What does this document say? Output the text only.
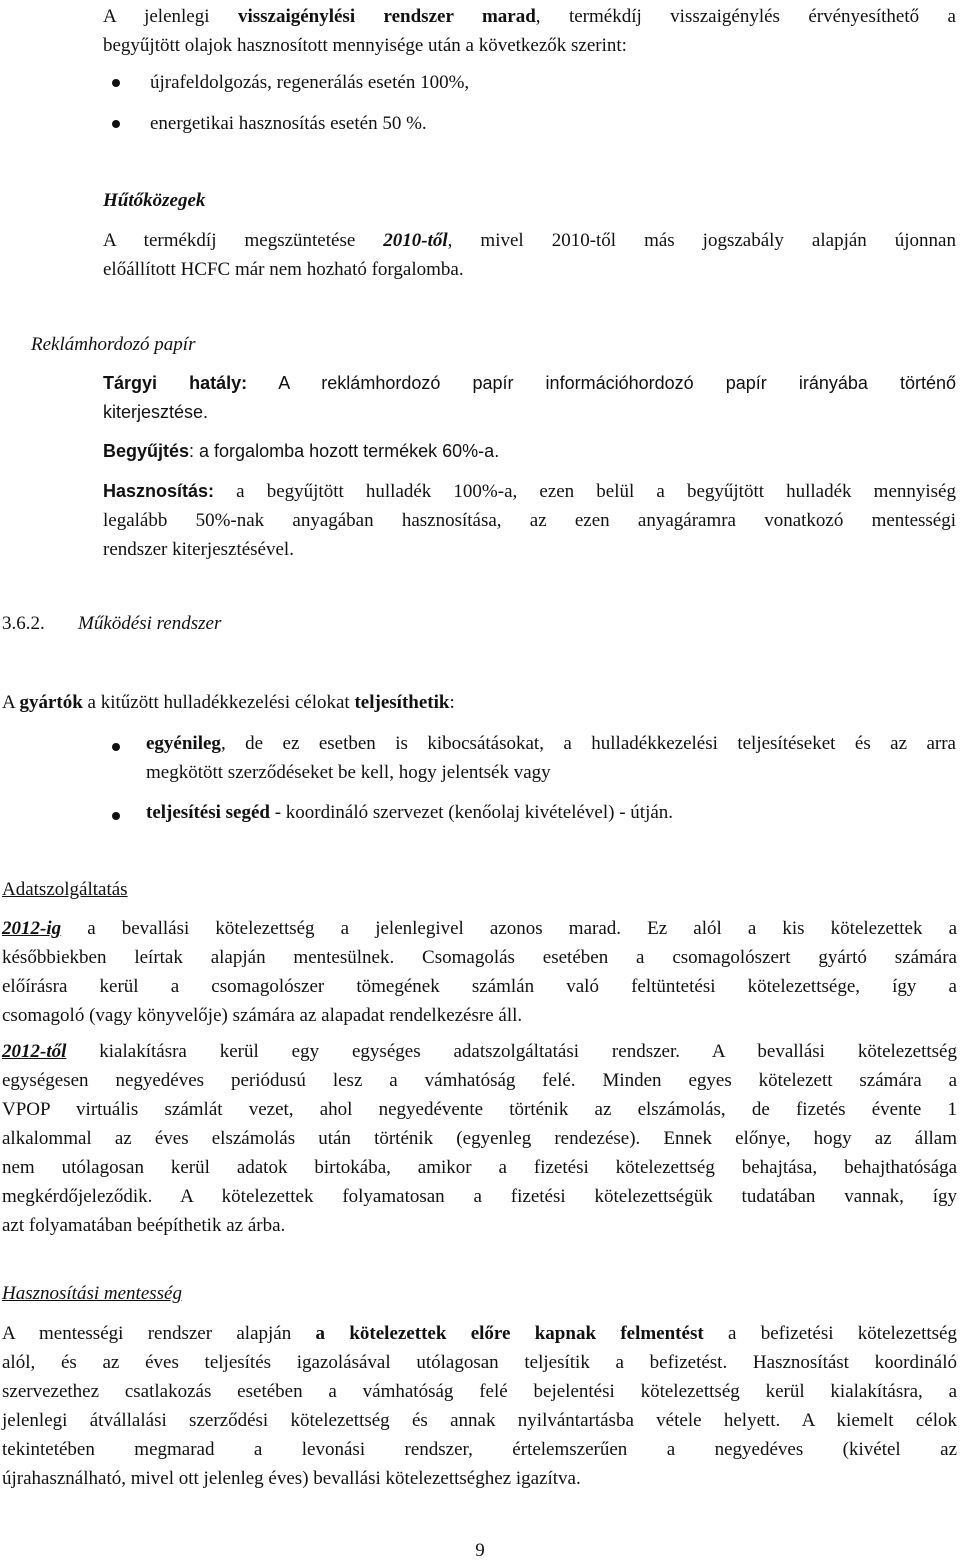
A jelenlegi visszaigénylési rendszer marad, termékdíj visszaigénylés érvényesíthető a
begyűjtött olajok hasznosított mennyisége után a következők szerint:
újrafeldolgozás, regenerálás esetén 100%,
energetikai hasznosítás esetén 50 %.
Hűtőközegek
A termékdíj megszüntetése 2010-től, mivel 2010-től más jogszabály alapján újonnan
előállított HCFC már nem hozható forgalomba.
Reklámhordozó papír
Tárgyi hatály: A reklámhordozó papír információhordozó papír irányába történő
kiterjesztése.
Begyűjtés: a forgalomba hozott termékek 60%-a.
Hasznosítás: a begyűjtött hulladék 100%-a, ezen belül a begyűjtött hulladék mennyiség
legalább 50%-nak anyagában hasznosítása, az ezen anyagáramra vonatkozó mentességi
rendszer kiterjesztésével.
3.6.2. Működési rendszer
A gyártók a kitűzött hulladékkezelési célokat teljesíthetik:
egyénileg, de ez esetben is kibocsátásokat, a hulladékkezelési teljesítéseket és az arra
megkötött szerződéseket be kell, hogy jelentsék vagy
teljesítési segéd - koordináló szervezet (kenőolaj kivételével) - útján.
Adatszolgáltatás
2012-ig a bevallási kötelezettség a jelenlegivel azonos marad. Ez alól a kis kötelezettek a
későbbiekben leírtak alapján mentesülnek. Csomagolás esetében a csomagolószert gyártó számára
előírásra kerül a csomagolószer tömegének számlán való feltüntetési kötelezettsége, így a
csomagoló (vagy könyvelője) számára az alapadat rendelkezésre áll.
2012-től kialakításra kerül egy egységes adatszolgáltatási rendszer. A bevallási kötelezettség
egységesen negyedéves periódusú lesz a vámhatóság felé. Minden egyes kötelezett számára a
VPOP virtuális számlát vezet, ahol negyedévente történik az elszámolás, de fizetés évente 1
alkalommal az éves elszámolás után történik (egyenleg rendezése). Ennek előnye, hogy az állam
nem utólagosan kerül adatok birtokába, amikor a fizetési kötelezettség behajtása, behajthatósága
megkérdőjeleződik. A kötelezettek folyamatosan a fizetési kötelezettségük tudatában vannak, így
azt folyamatában beépíthetik az árba.
Hasznosítási mentesség
A mentességi rendszer alapján a kötelezettek előre kapnak felmentést a befizetési kötelezettség
alól, és az éves teljesítés igazolásával utólagosan teljesítik a befizetést. Hasznosítást koordináló
szervezethez csatlakozás esetében a vámhatóság felé bejelentési kötelezettség kerül kialakításra, a
jelenlegi átvállalási szerződési kötelezettség és annak nyilvántartásba vétele helyett. A kiemelt célok
tekintetében megmarad a levonási rendszer, értelemszerűen a negyedéves (kivétel az
újrahasználható, mivel ott jelenleg éves) bevallási kötelezettséghez igazítva.
9
